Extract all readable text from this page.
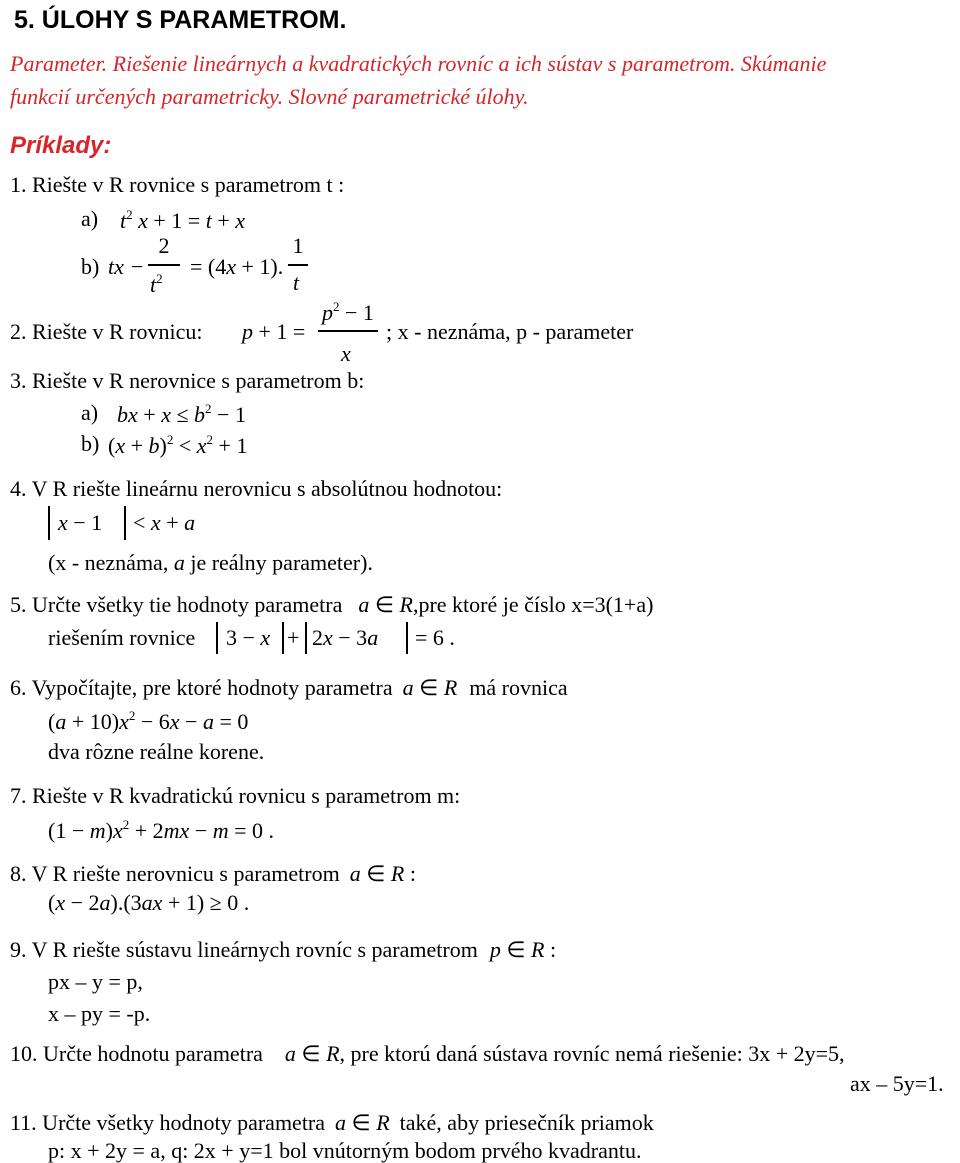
5. ÚLOHY S PARAMETROM.
Parameter. Riešenie lineárnych a kvadratických rovníc a ich sústav s parametrom. Skúmanie
funkcií určených parametricky. Slovné parametrické úlohy.
Príklady:
1. Riešte v R rovnice s parametrom t :
a) $t^2$ x + 1 = t + x
b) tx −
2
$t^2 = (4x + 1)$.
1
t
2. Riešte v R rovnicu: p + 1 =
$p^2 - 1$
x
; x - neznáma, p - parameter
3. Riešte v R nerovnice s parametrom b:
a) bx + $x \le b^2 - 1$
b) $(x + b)^2 < x^2 + 1$
4. V R riešte lineárnu nerovnicu s absolútnou hodnotou:
x − 1 < x + a
(x - neznáma, a je reálny parameter).
5. Určte všetky tie hodnoty parametra a ∈ R,pre ktoré je číslo x=3(1+a)
riešením rovnice 3 − x + 2x − 3a = 6 .
6. Vypočítajte, pre ktoré hodnoty parametra a ∈ R má rovnica
$(a + 10)x^2 - 6x - a = 0$
dva rôzne reálne korene.
7. Riešte v R kvadratickú rovnicu s parametrom m:
$(1 - m)x^2 + 2mx - m = 0$ .
8. V R riešte nerovnicu s parametrom a ∈ R :
(x − 2a).(3ax + 1) ≥ 0 .
9. V R riešte sústavu lineárnych rovníc s parametrom p ∈ R :
px – y = p,
x – py = -p.
10. Určte hodnotu parametra a ∈ R, pre ktorú daná sústava rovníc nemá riešenie: 3x + 2y=5,
ax – 5y=1.
11. Určte všetky hodnoty parametra a ∈ R také, aby priesečník priamok
p: x + 2y = a, q: 2x + y=1 bol vnútorným bodom prvého kvadrantu.
